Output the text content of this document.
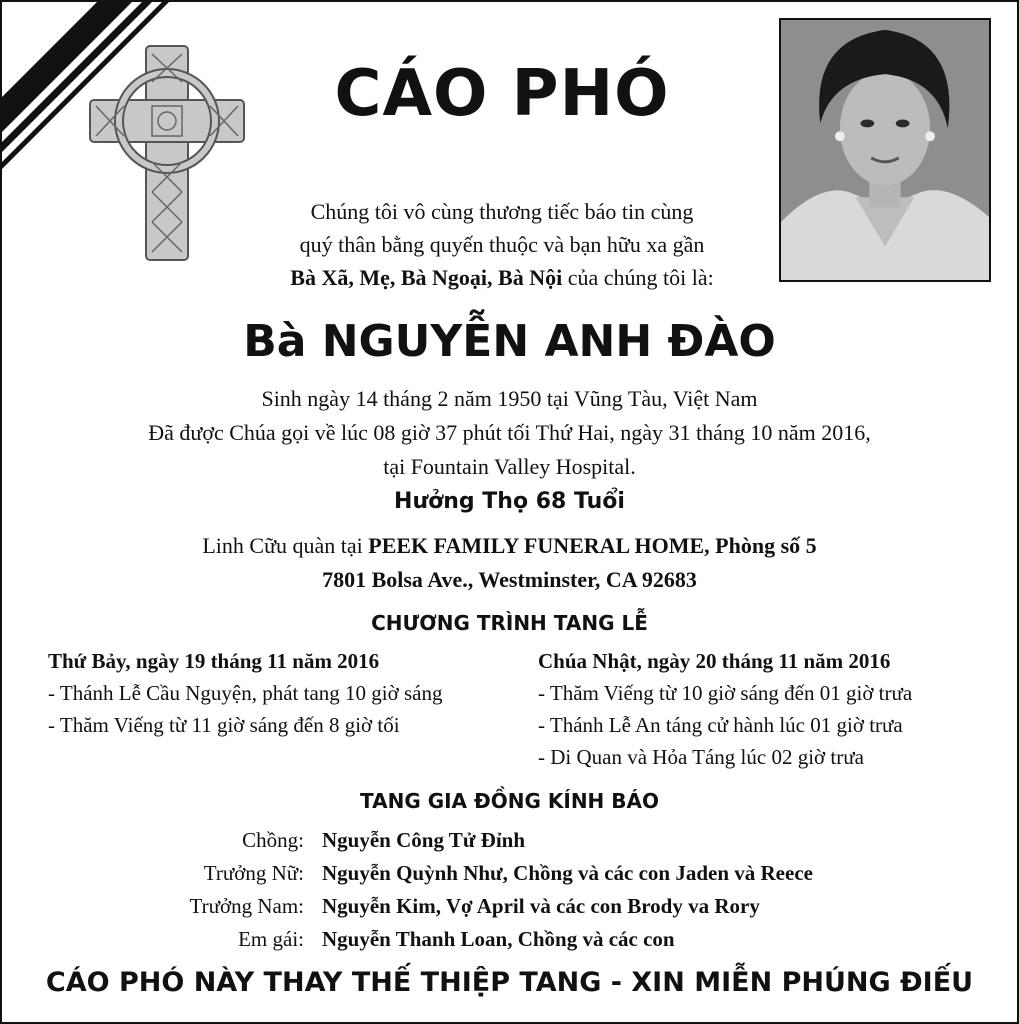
CÁO PHÓ

Chúng tôi vô cùng thương tiếc báo tin cùng

quý thân bằng quyến thuộc và bạn hữu xa gần

Bà Xã, Mẹ, Bà Ngoại, Bà Nội của chúng tôi là:

Bà NGUYỄN ANH ĐÀO

Sinh ngày 14 tháng 2 năm 1950 tại Vũng Tàu, Việt Nam

Đã được Chúa gọi về lúc 08 giờ 37 phút tối Thứ Hai, ngày 31 tháng 10 năm 2016,

tại Fountain Valley Hospital.

Hưởng Thọ 68 Tuổi

Linh Cữu quàn tại PEEK FAMILY FUNERAL HOME, Phòng số 5

7801 Bolsa Ave., Westminster, CA 92683

CHƯƠNG TRÌNH TANG LỄ

Thứ Bảy, ngày 19 tháng 11 năm 2016

- Thánh Lễ Cầu Nguyện, phát tang 10 giờ sáng

- Thăm Viếng từ 11 giờ sáng đến 8 giờ tối

Chúa Nhật, ngày 20 tháng 11 năm 2016

- Thăm Viếng từ 10 giờ sáng đến 01 giờ trưa

- Thánh Lễ An táng cử hành lúc 01 giờ trưa

- Di Quan và Hỏa Táng lúc 02 giờ trưa

TANG GIA ĐỒNG KÍNH BÁO

Chồng: Nguyễn Công Tử Đỉnh
Trưởng Nữ: Nguyễn Quỳnh Như, Chồng và các con Jaden và Reece
Trưởng Nam: Nguyễn Kim, Vợ April và các con Brody va Rory
Em gái: Nguyễn Thanh Loan, Chồng và các con

CÁO PHÓ NÀY THAY THẾ THIỆP TANG - XIN MIỄN PHÚNG ĐIẾU
